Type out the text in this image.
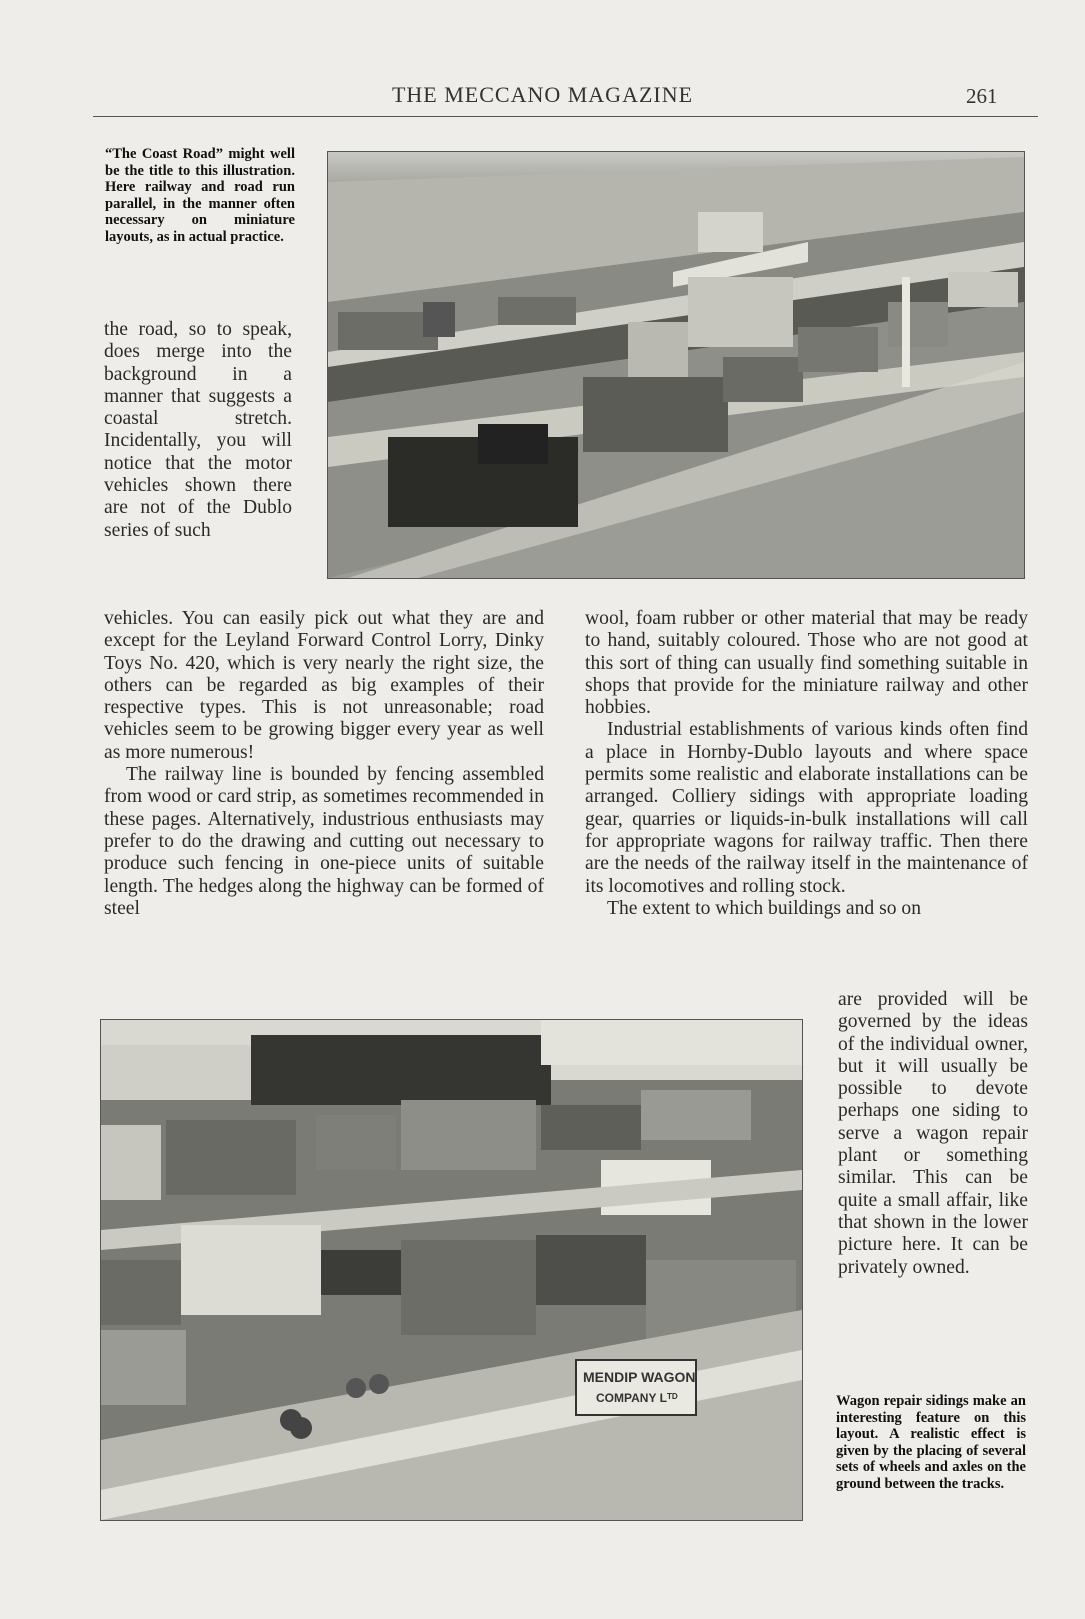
THE MECCANO MAGAZINE	261
“The Coast Road” might well be the title to this illustration. Here railway and road run parallel, in the manner often necessary on miniature layouts, as in actual practice.
the road, so to speak, does merge into the background in a manner that suggests a coastal stretch. Incidentally, you will notice that the motor vehicles shown there are not of the Dublo series of such

vehicles. You can easily pick out what they are and except for the Leyland Forward Control Lorry, Dinky Toys No. 420, which is very nearly the right size, the others can be regarded as big examples of their respective types. This is not unreasonable; road vehicles seem to be growing bigger every year as well as more numerous!

The railway line is bounded by fencing assembled from wood or card strip, as sometimes recommended in these pages. Alternatively, industrious enthusiasts may prefer to do the drawing and cutting out necessary to produce such fencing in one-piece units of suitable length. The hedges along the highway can be formed of steel

wool, foam rubber or other material that may be ready to hand, suitably coloured. Those who are not good at this sort of thing can usually find something suitable in shops that provide for the miniature railway and other hobbies.

Industrial establishments of various kinds often find a place in Hornby-Dublo layouts and where space permits some realistic and elaborate installations can be arranged. Colliery sidings with appropriate loading gear, quarries or liquids-in-bulk installations will call for appropriate wagons for railway traffic. Then there are the needs of the railway itself in the maintenance of its locomotives and rolling stock.

The extent to which buildings and so on

MENDIP WAGON
COMPANY Lᵀᴰ
are provided will be governed by the ideas of the individual owner, but it will usually be possible to devote perhaps one siding to serve a wagon repair plant or something similar. This can be quite a small affair, like that shown in the lower picture here. It can be privately owned.
Wagon repair sidings make an interesting feature on this layout. A realistic effect is given by the placing of several sets of wheels and axles on the ground between the tracks.
